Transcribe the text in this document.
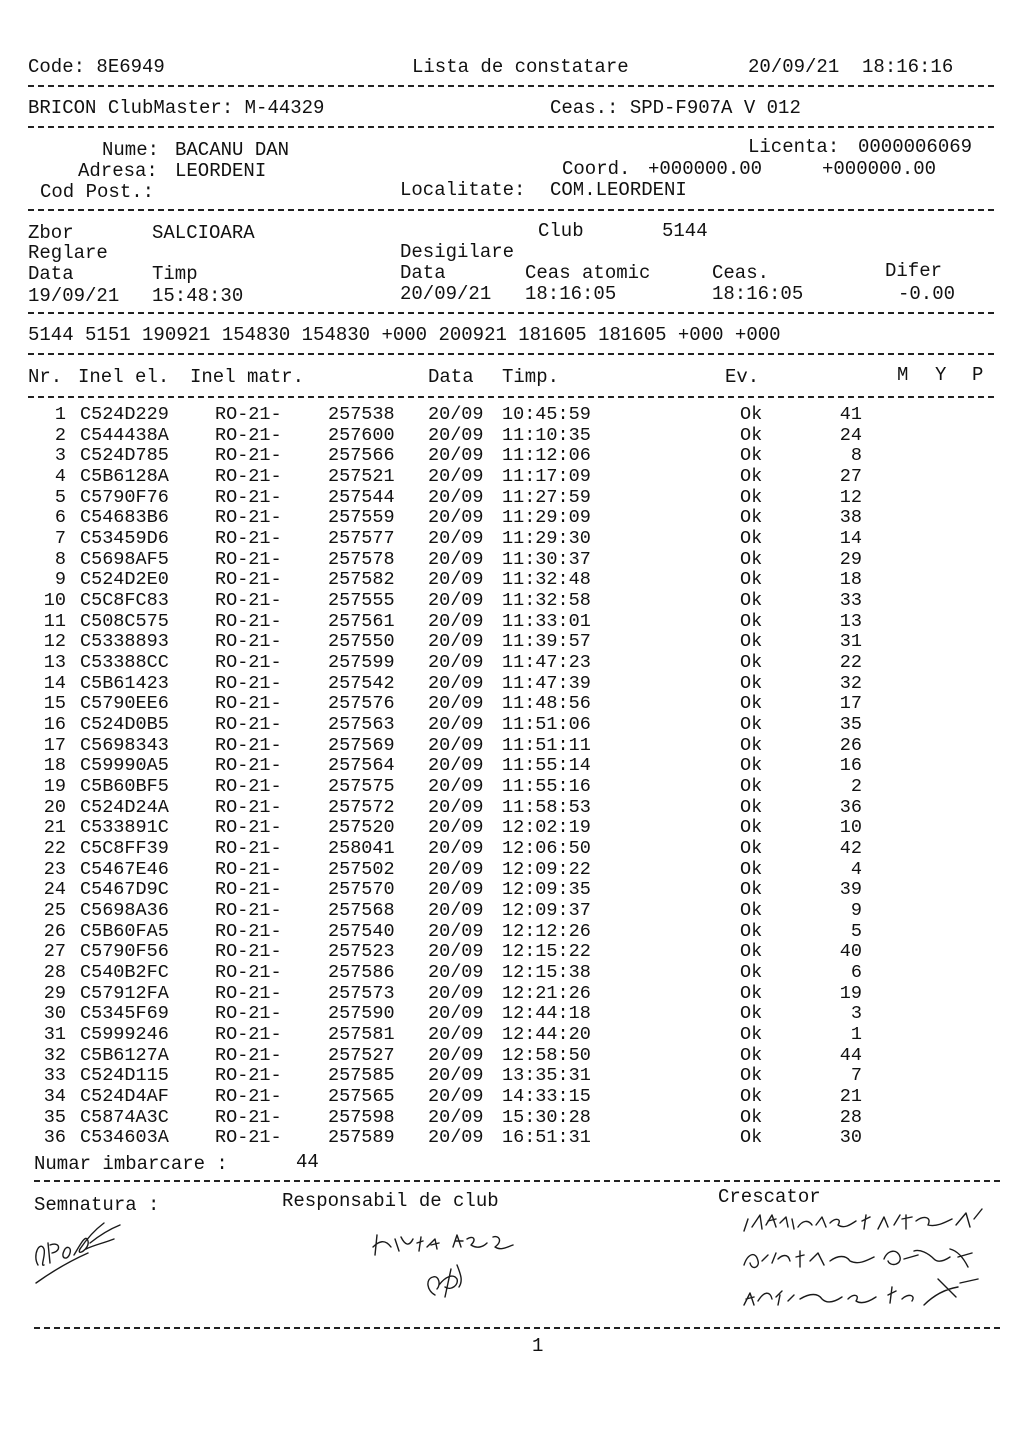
Code: 8E6949	Lista de constatare	20/09/21  18:16:16
BRICON ClubMaster: M-44329	Ceas.: SPD-F907A V 012
Nume: BACANU DAN	Licenta: 0000006069
Adresa: LEORDENI	Coord. +000000.00	+000000.00
Cod Post.:	Localitate: COM.LEORDENI
Zbor	SALCIOARA	Club	5144
Reglare	Desigilare
Data	Timp	Data	Ceas atomic	Ceas.	Difer
19/09/21 15:48:30	20/09/21 18:16:05	18:16:05	-0.00
5144 5151 190921 154830 154830 +000 200921 181605 181605 +000 +000
Nr. Inel el. Inel matr.	Data Timp.	Ev.	M Y P
1 C524D229 RO-21-	257538 20/09 10:45:59	Ok	41
2 C544438A RO-21-	257600 20/09 11:10:35	Ok	24
3 C524D785 RO-21-	257566 20/09 11:12:06	Ok	8
4 C5B6128A RO-21-	257521 20/09 11:17:09	Ok	27
5 C5790F76 RO-21-	257544 20/09 11:27:59	Ok	12
6 C54683B6 RO-21-	257559 20/09 11:29:09	Ok	38
7 C53459D6 RO-21-	257577 20/09 11:29:30	Ok	14
8 C5698AF5 RO-21-	257578 20/09 11:30:37	Ok	29
9 C524D2E0 RO-21-	257582 20/09 11:32:48	Ok	18
10 C5C8FC83 RO-21-	257555 20/09 11:32:58	Ok	33
11 C508C575 RO-21-	257561 20/09 11:33:01	Ok	13
12 C5338893 RO-21-	257550 20/09 11:39:57	Ok	31
13 C53388CC RO-21-	257599 20/09 11:47:23	Ok	22
14 C5B61423 RO-21-	257542 20/09 11:47:39	Ok	32
15 C5790EE6 RO-21-	257576 20/09 11:48:56	Ok	17
16 C524D0B5 RO-21-	257563 20/09 11:51:06	Ok	35
17 C5698343 RO-21-	257569 20/09 11:51:11	Ok	26
18 C59990A5 RO-21-	257564 20/09 11:55:14	Ok	16
19 C5B60BF5 RO-21-	257575 20/09 11:55:16	Ok	2
20 C524D24A RO-21-	257572 20/09 11:58:53	Ok	36
21 C533891C RO-21-	257520 20/09 12:02:19	Ok	10
22 C5C8FF39 RO-21-	258041 20/09 12:06:50	Ok	42
23 C5467E46 RO-21-	257502 20/09 12:09:22	Ok	4
24 C5467D9C RO-21-	257570 20/09 12:09:35	Ok	39
25 C5698A36 RO-21-	257568 20/09 12:09:37	Ok	9
26 C5B60FA5 RO-21-	257540 20/09 12:12:26	Ok	5
27 C5790F56 RO-21-	257523 20/09 12:15:22	Ok	40
28 C540B2FC RO-21-	257586 20/09 12:15:38	Ok	6
29 C57912FA RO-21-	257573 20/09 12:21:26	Ok	19
30 C5345F69 RO-21-	257590 20/09 12:44:18	Ok	3
31 C5999246 RO-21-	257581 20/09 12:44:20	Ok	1
32 C5B6127A RO-21-	257527 20/09 12:58:50	Ok	44
33 C524D115 RO-21-	257585 20/09 13:35:31	Ok	7
34 C524D4AF RO-21-	257565 20/09 14:33:15	Ok	21
35 C5874A3C RO-21-	257598 20/09 15:30:28	Ok	28
36 C534603A RO-21-	257589 20/09 16:51:31	Ok	30
Numar imbarcare :	44
Semnatura :	Responsabil de club	Crescator
1
